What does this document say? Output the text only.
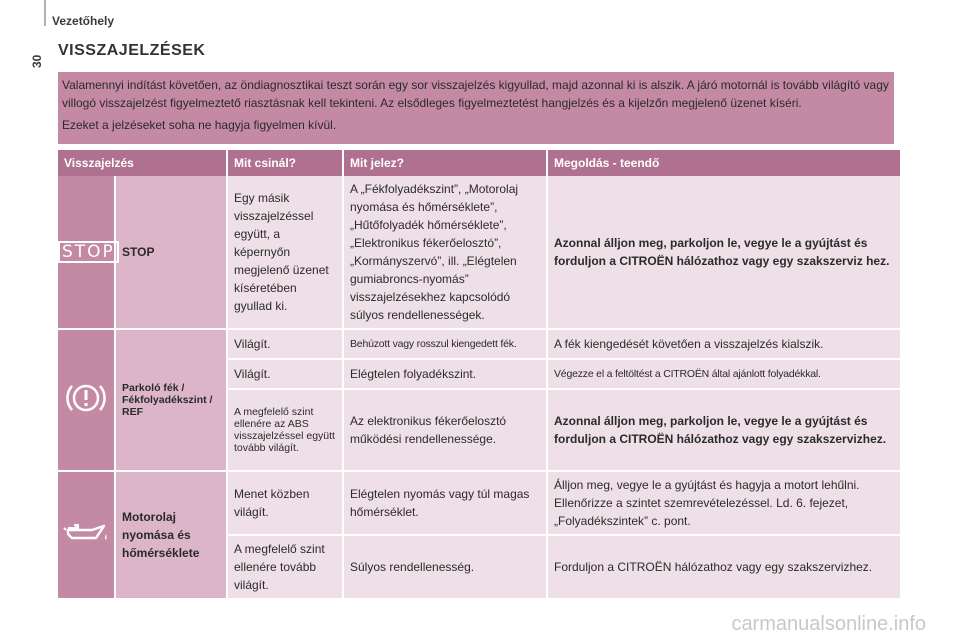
30
Vezetőhely
VISSZAJELZÉSEK

Valamennyi indítást követően, az öndiagnosztikai teszt során egy sor visszajelzés kigyullad, majd azonnal ki is alszik. A járó motornál is tovább világító vagy villogó visszajelzést figyelmeztető riasztásnak kell tekinteni. Az elsődleges figyelmeztetést hangjelzés és a kijelzőn megjelenő üzenet kíséri.

Ezeket a jelzéseket soha ne hagyja figyelmen kívül.

Visszajelzés		Mit csinál?	Mit jelez?	Megoldás - teendő
STOP	STOP	Egy másik visszajelzéssel együtt, a képernyőn megjelenő üzenet kíséretében gyullad ki.	A „Fékfolyadékszint”, „Motorolaj nyomása és hőmérséklete”, „Hűtőfolyadék hőmérséklete”, „Elektronikus fékerőelosztó”, „Kormányszervó”, ill. „Elégtelen gumiabroncs-nyomás” visszajelzésekhez kapcsolódó súlyos rendellenességek.	Azonnal álljon meg, parkoljon le, vegye le a gyújtást és forduljon a CITROËN hálózathoz vagy egy szakszerviz hez.
	Parkoló fék / Fékfolyadékszint / REF	Világít.	Behúzott vagy rosszul kiengedett fék.	A fék kiengedését követően a visszajelzés kialszik.
		Világít.	Elégtelen folyadékszint.	Végezze el a feltöltést a CITROËN által ajánlott folyadékkal.
		A megfelelő szint ellenére az ABS visszajelzéssel együtt tovább világít.	Az elektronikus fékerőelosztó működési rendellenessége.	Azonnal álljon meg, parkoljon le, vegye le a gyújtást és forduljon a CITROËN hálózathoz vagy egy szakszervizhez.
	Motorolaj nyomása és hőmérséklete	Menet közben világít.	Elégtelen nyomás vagy túl magas hőmérséklet.	Álljon meg, vegye le a gyújtást és hagyja a motort lehűlni. Ellenőrizze a szintet szemrevételezéssel. Ld. 6. fejezet, „Folyadékszintek” c. pont.
		A megfelelő szint ellenére tovább világít.	Súlyos rendellenesség.	Forduljon a CITROËN hálózathoz vagy egy szakszervizhez.
carmanualsonline.info
